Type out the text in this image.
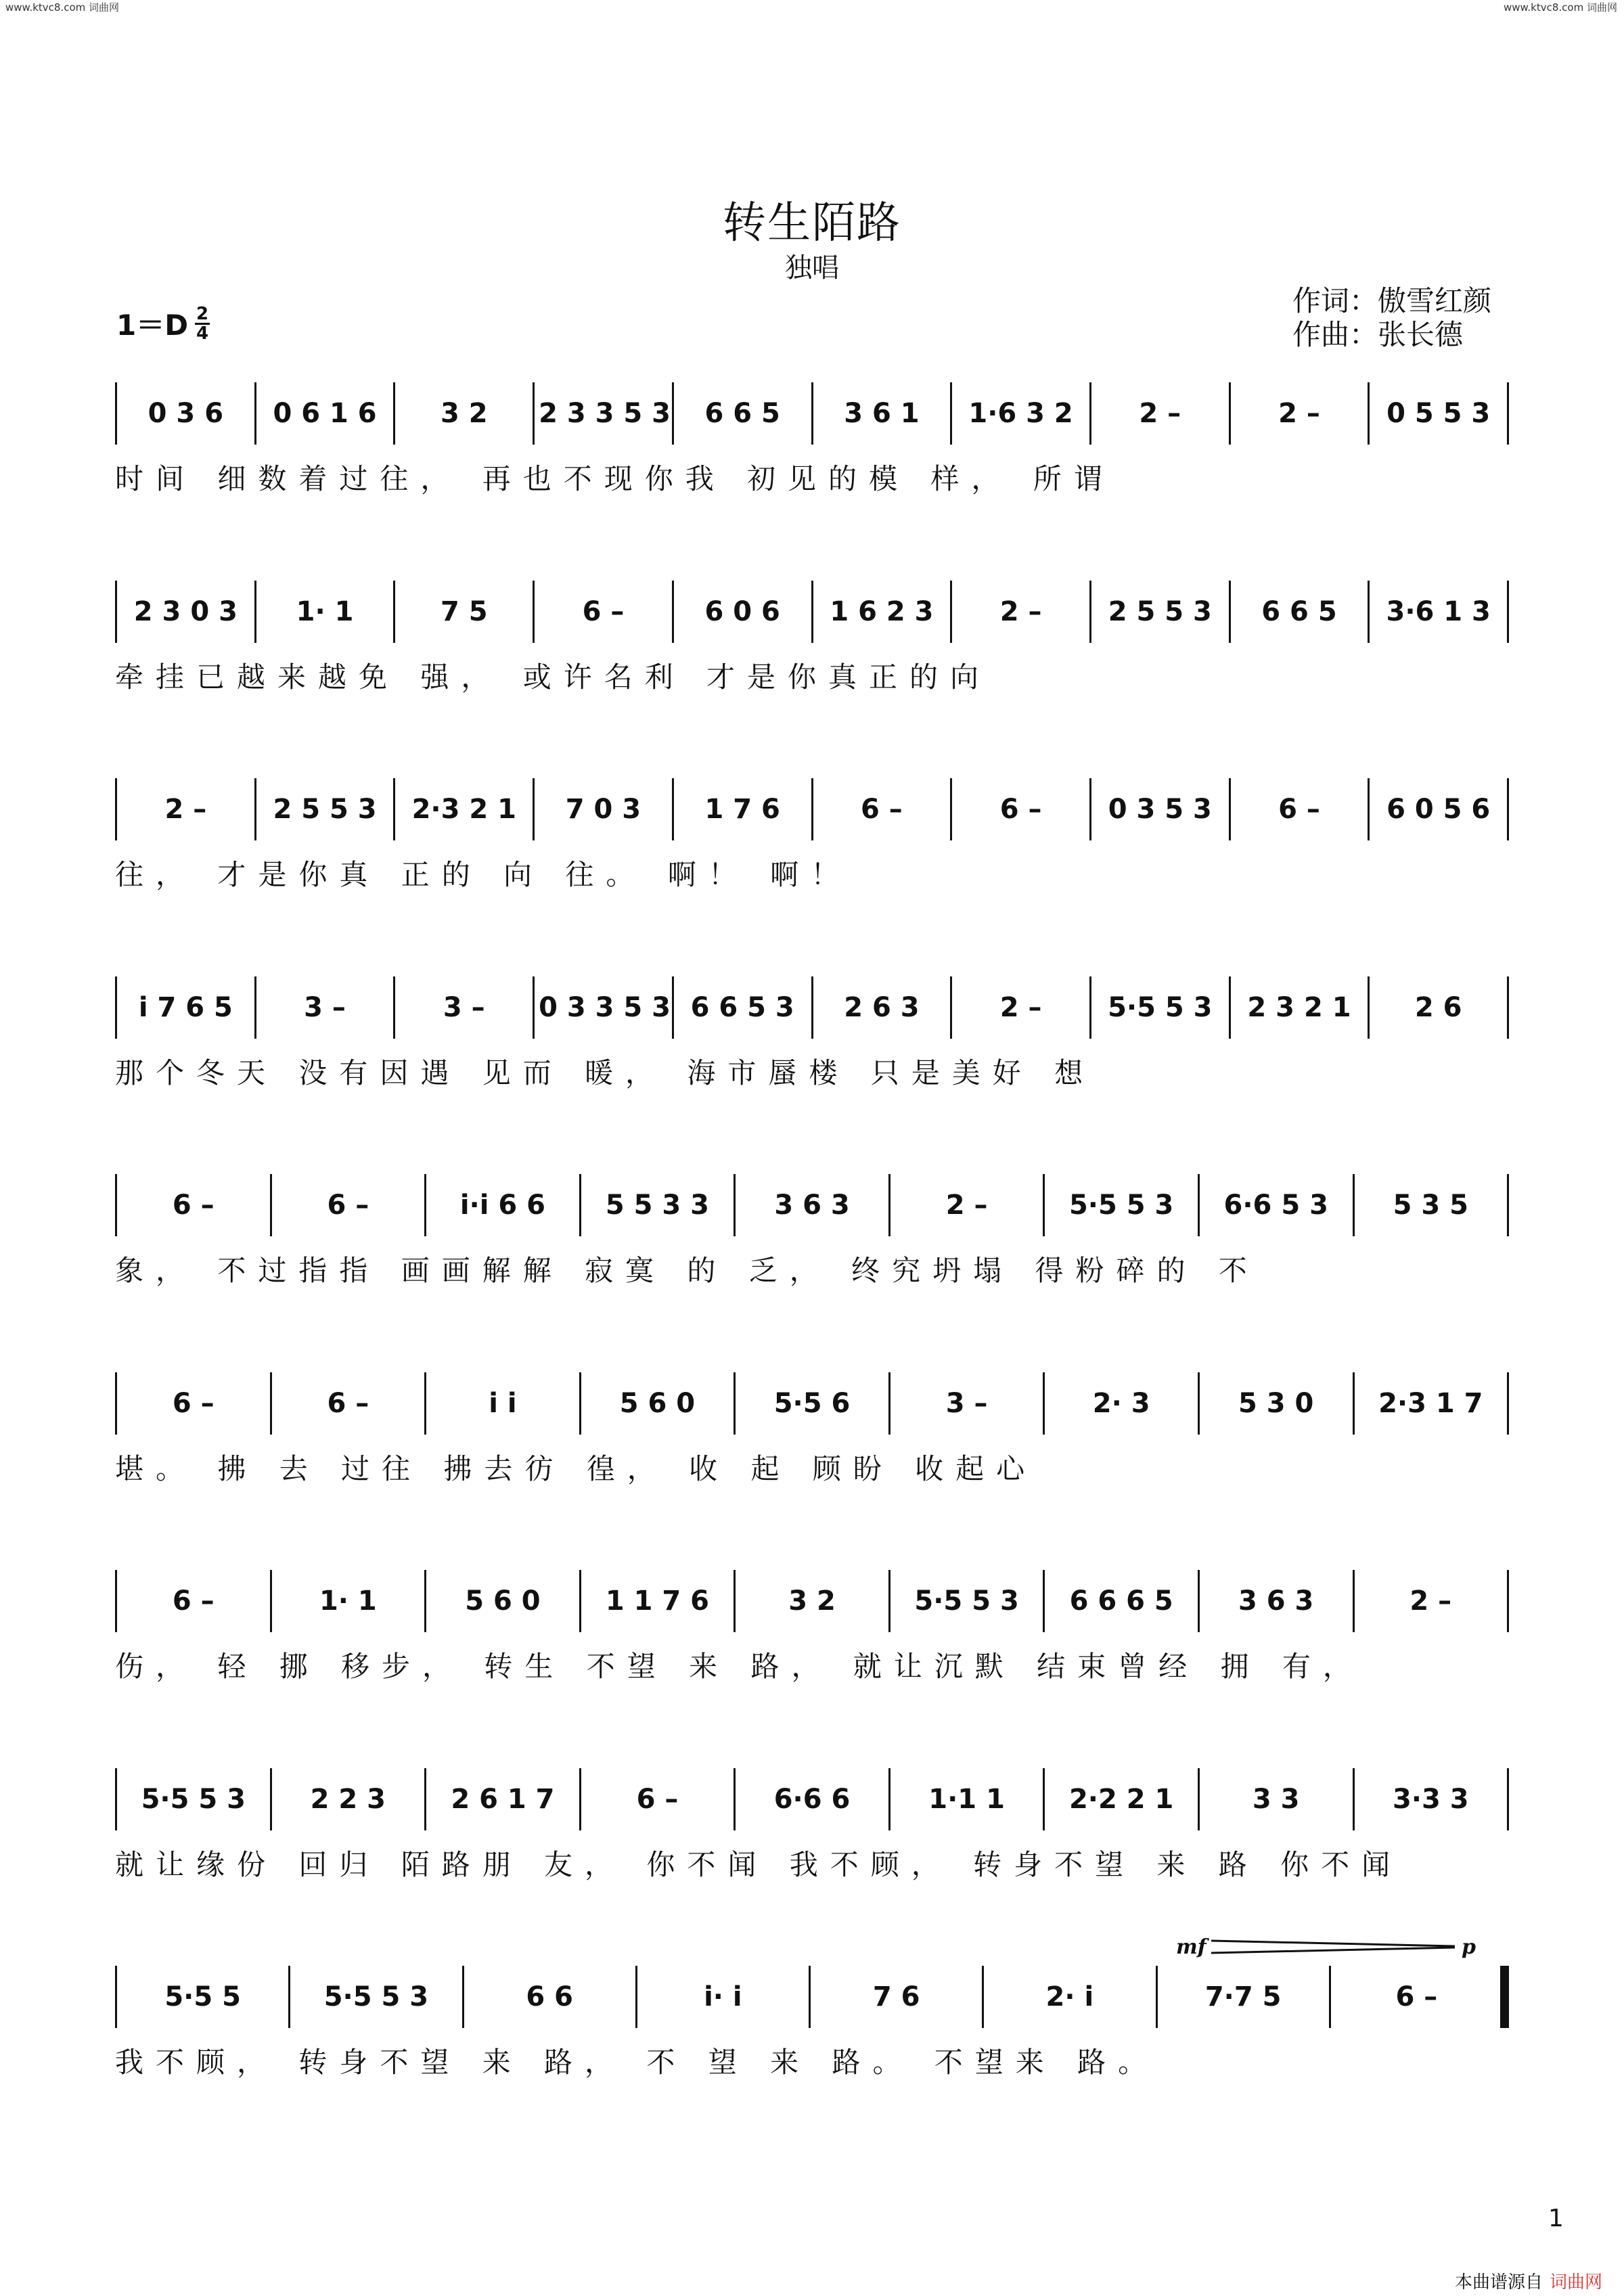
www.ktvc8.com 词曲网	www.ktvc8.com 词曲网
转生陌路
独唱
1＝D 2
4
作词：傲雪红颜
作曲：张长德
0 3 6	0 6 1 6	3 2	2 3 3 5 3	6 6 5	3 6 1	1·6 3 2	2 –	2 –	0 5 5 3
时间 细数着过往， 再也不现你我 初见的模 样， 所谓
2 3 0 3	1· 1	7 5	6 –	6 0 6	1 6 2 3	2 –	2 5 5 3	6 6 5	3·6 1 3
牵挂已越来越免 强， 或许名利 才是你真正的向
2 –	2 5 5 3	2·3 2 1	7 0 3	1 7 6	6 –	6 –	0 3 5 3	6 –	6 0 5 6
往， 才是你真 正的 向 往。 啊！ 啊！
i 7 6 5	3 –	3 –	0 3 3 5 3 6 6 5 3	2 6 3	2 –	5·5 5 3	2 3 2 1	2 6
那个冬天 没有因遇 见而 暖， 海市蜃楼 只是美好 想
6 –	6 –	i·i 6 6	5 5 3 3	3 6 3	2 –	5·5 5 3	6·6 5 3	5 3 5
象， 不过指指 画画解解 寂寞 的 乏， 终究坍塌 得粉碎的 不
6 –	6 –	i i	5 6 0	5·5 6	3 –	2· 3	5 3 0	2·3 1 7
堪。 拂 去 过往 拂去彷 徨， 收 起 顾盼 收起心
6 –	1· 1	5 6 0	1 1 7 6	3 2	5·5 5 3	6 6 6 5	3 6 3	2 –
伤， 轻 挪 移步， 转生 不望 来 路， 就让沉默 结束曾经 拥 有，
5·5 5 3	2 2 3	2 6 1 7	6 –	6·6 6	1·1 1	2·2 2 1	3 3	3·3 3
就让缘份 回归 陌路朋 友， 你不闻 我不顾， 转身不望 来 路 你不闻
5·5 5	5·5 5 3	6 6	i· i	7 6	2· i	7·7 5	6 –
我不顾， 转身不望 来 路， 不 望 来 路。 不望来 路。
mf	p
1
本曲谱源自 词曲网
